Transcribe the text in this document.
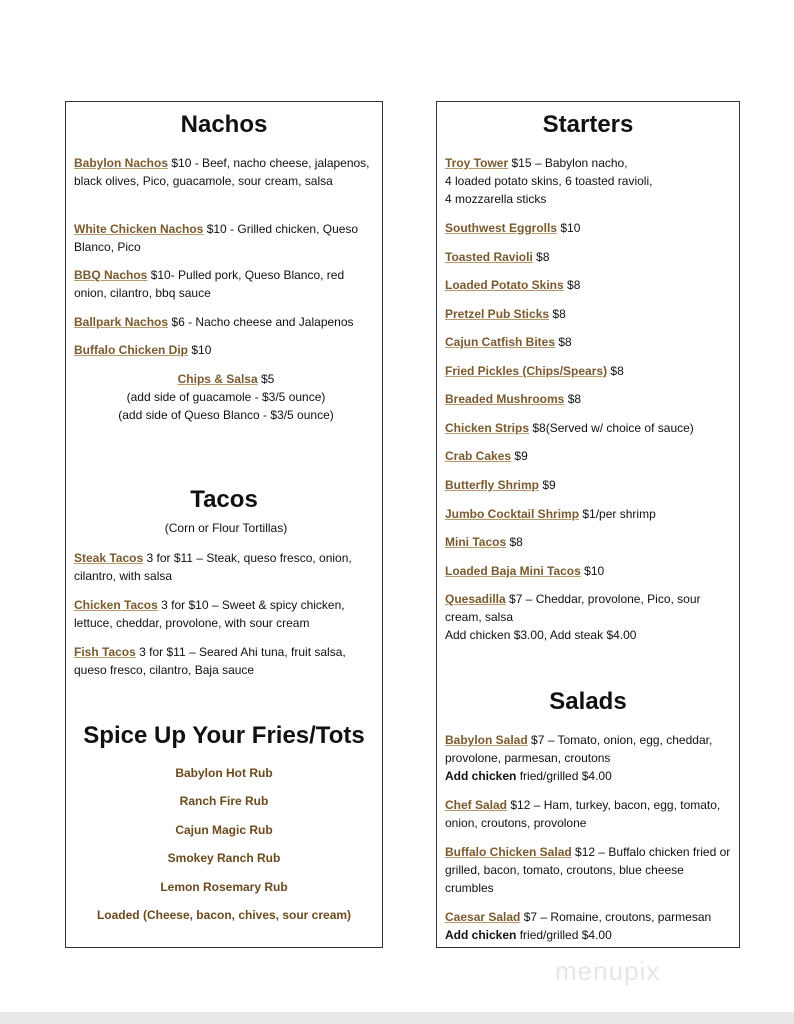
Nachos
Babylon Nachos $10 - Beef, nacho cheese, jalapenos, black olives, Pico, guacamole, sour cream, salsa
White Chicken Nachos $10 - Grilled chicken, Queso Blanco, Pico
BBQ Nachos $10- Pulled pork, Queso Blanco, red onion, cilantro, bbq sauce
Ballpark Nachos $6 - Nacho cheese and Jalapenos
Buffalo Chicken Dip $10
Chips & Salsa $5
(add side of guacamole - $3/5 ounce)
(add side of Queso Blanco - $3/5 ounce)
Tacos
(Corn or Flour Tortillas)
Steak Tacos 3 for $11 – Steak, queso fresco, onion, cilantro, with salsa
Chicken Tacos 3 for $10 – Sweet & spicy chicken, lettuce, cheddar, provolone, with sour cream
Fish Tacos 3 for $11 – Seared Ahi tuna, fruit salsa, queso fresco, cilantro, Baja sauce
Spice Up Your Fries/Tots
Babylon Hot Rub
Ranch Fire Rub
Cajun Magic Rub
Smokey Ranch Rub
Lemon Rosemary Rub
Loaded (Cheese, bacon, chives, sour cream)
Starters
Troy Tower $15 – Babylon nacho,
4 loaded potato skins, 6 toasted ravioli,
4 mozzarella sticks
Southwest Eggrolls $10
Toasted Ravioli $8
Loaded Potato Skins $8
Pretzel Pub Sticks $8
Cajun Catfish Bites $8
Fried Pickles (Chips/Spears) $8
Breaded Mushrooms $8
Chicken Strips $8(Served w/ choice of sauce)
Crab Cakes $9
Butterfly Shrimp $9
Jumbo Cocktail Shrimp $1/per shrimp
Mini Tacos $8
Loaded Baja Mini Tacos $10
Quesadilla $7 – Cheddar, provolone, Pico, sour cream, salsa
Add chicken $3.00, Add steak $4.00
Salads
Babylon Salad $7 – Tomato, onion, egg, cheddar, provolone, parmesan, croutons
Add chicken fried/grilled $4.00
Chef Salad $12 – Ham, turkey, bacon, egg, tomato, onion, croutons, provolone
Buffalo Chicken Salad $12 – Buffalo chicken fried or grilled, bacon, tomato, croutons, blue cheese crumbles
Caesar Salad $7 – Romaine, croutons, parmesan
Add chicken fried/grilled $4.00
menupix
